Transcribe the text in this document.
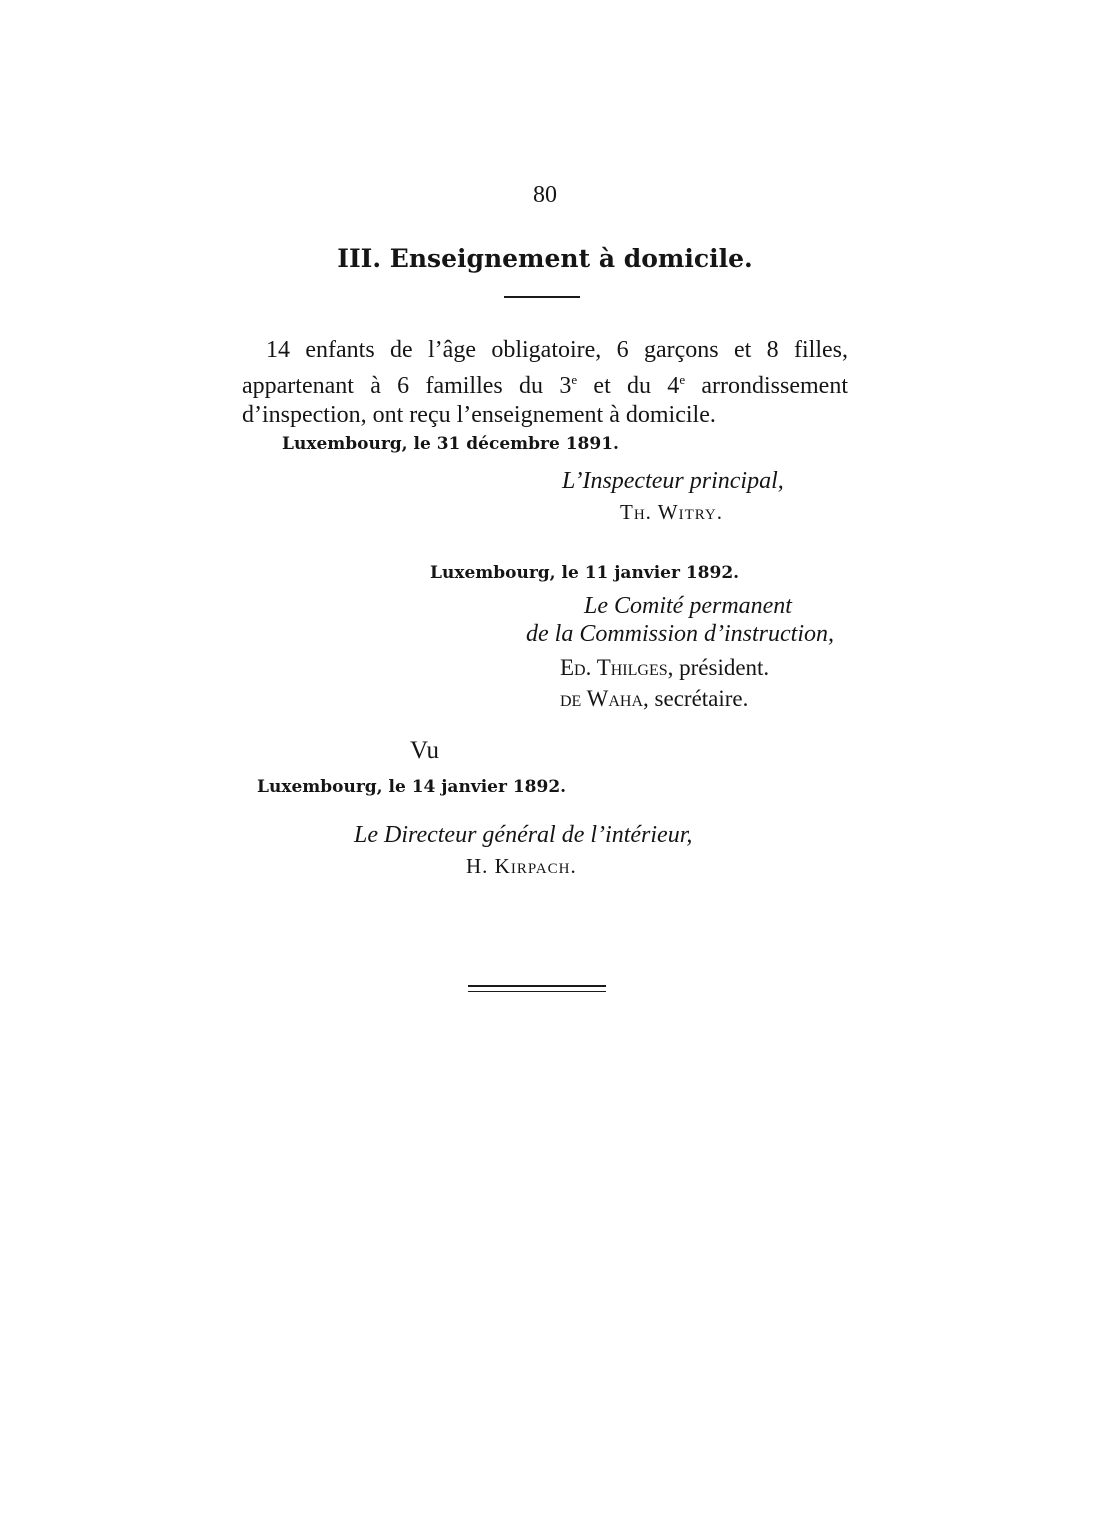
80
III. Enseignement à domicile.
14 enfants de l’âge obligatoire, 6 garçons et 8 filles,
appartenant à 6 familles du 3e et du 4e arrondissement
d’inspection, ont reçu l’enseignement à domicile.
Luxembourg, le 31 décembre 1891.
L’Inspecteur principal,
Th. Witry.
Luxembourg, le 11 janvier 1892.
Le Comité permanent
de la Commission d’instruction,
Ed. Thilges, président.
de Waha, secrétaire.
Vu
Luxembourg, le 14 janvier 1892.
Le Directeur général de l’intérieur,
H. Kirpach.
